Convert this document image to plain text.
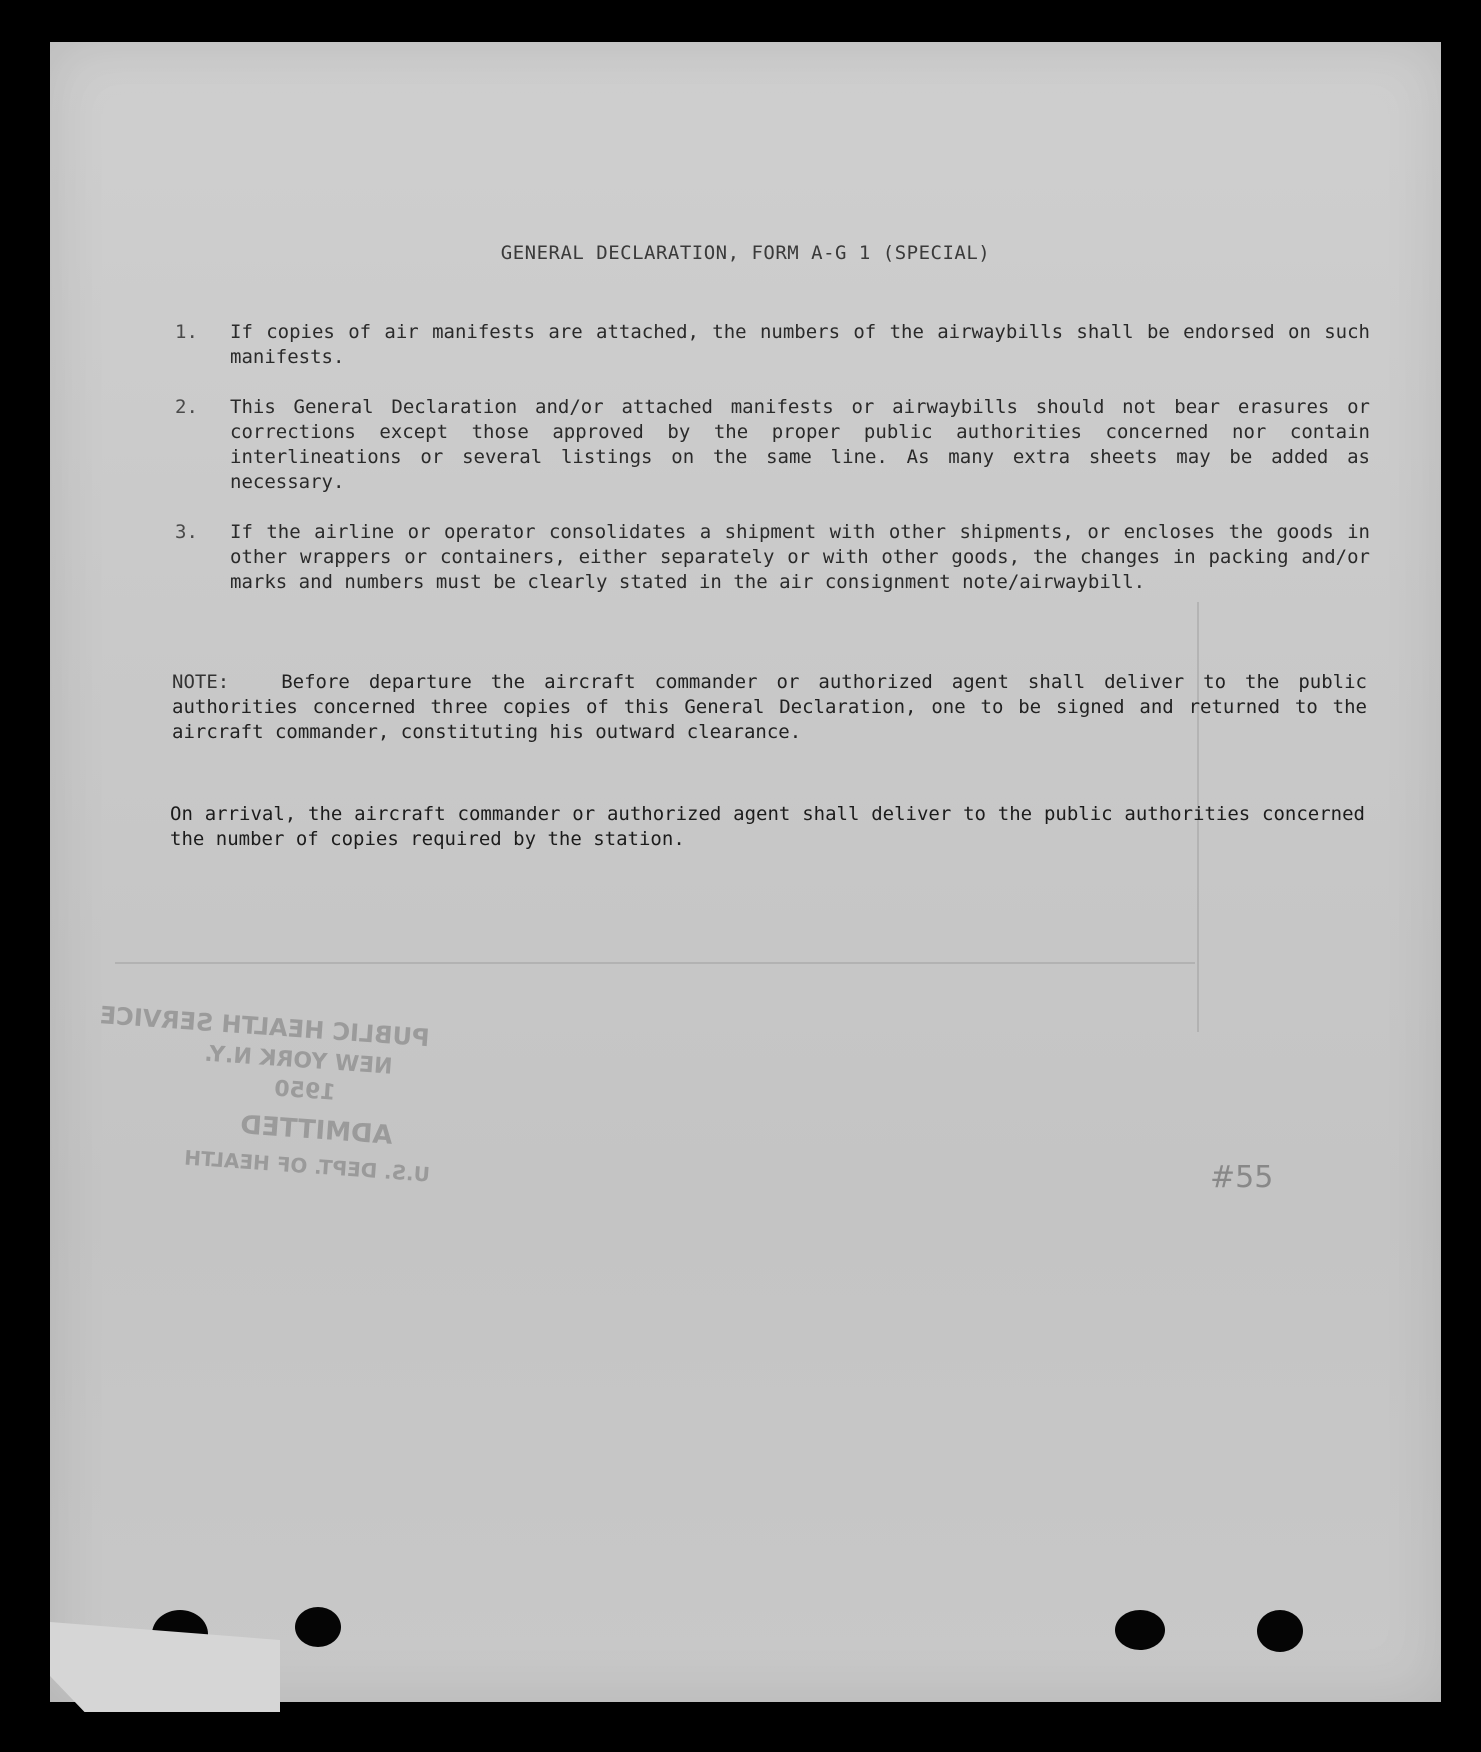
GENERAL DECLARATION, FORM A-G 1 (SPECIAL)
1.	If copies of air manifests are attached, the numbers of the airwaybills shall be endorsed on such manifests.
2.	This General Declaration and/or attached manifests or airwaybills should not bear erasures or corrections except those approved by the proper public authorities concerned nor contain interlineations or several listings on the same line. As many extra sheets may be added as necessary.
3.	If the airline or operator consolidates a shipment with other shipments, or encloses the goods in other wrappers or containers, either separately or with other goods, the changes in packing and/or marks and numbers must be clearly stated in the air consignment note/airwaybill.
NOTE:	Before departure the aircraft commander or authorized agent shall deliver to the public authorities concerned three copies of this General Declaration, one to be signed and returned to the aircraft commander, constituting his outward clearance.
On arrival, the aircraft commander or authorized agent shall deliver to the public authorities concerned the number of copies required by the station.
PUBLIC HEALTH SERVICE
NEW YORK N.Y.
1950
ADMITTED
U.S. DEPT. OF HEALTH	#55
